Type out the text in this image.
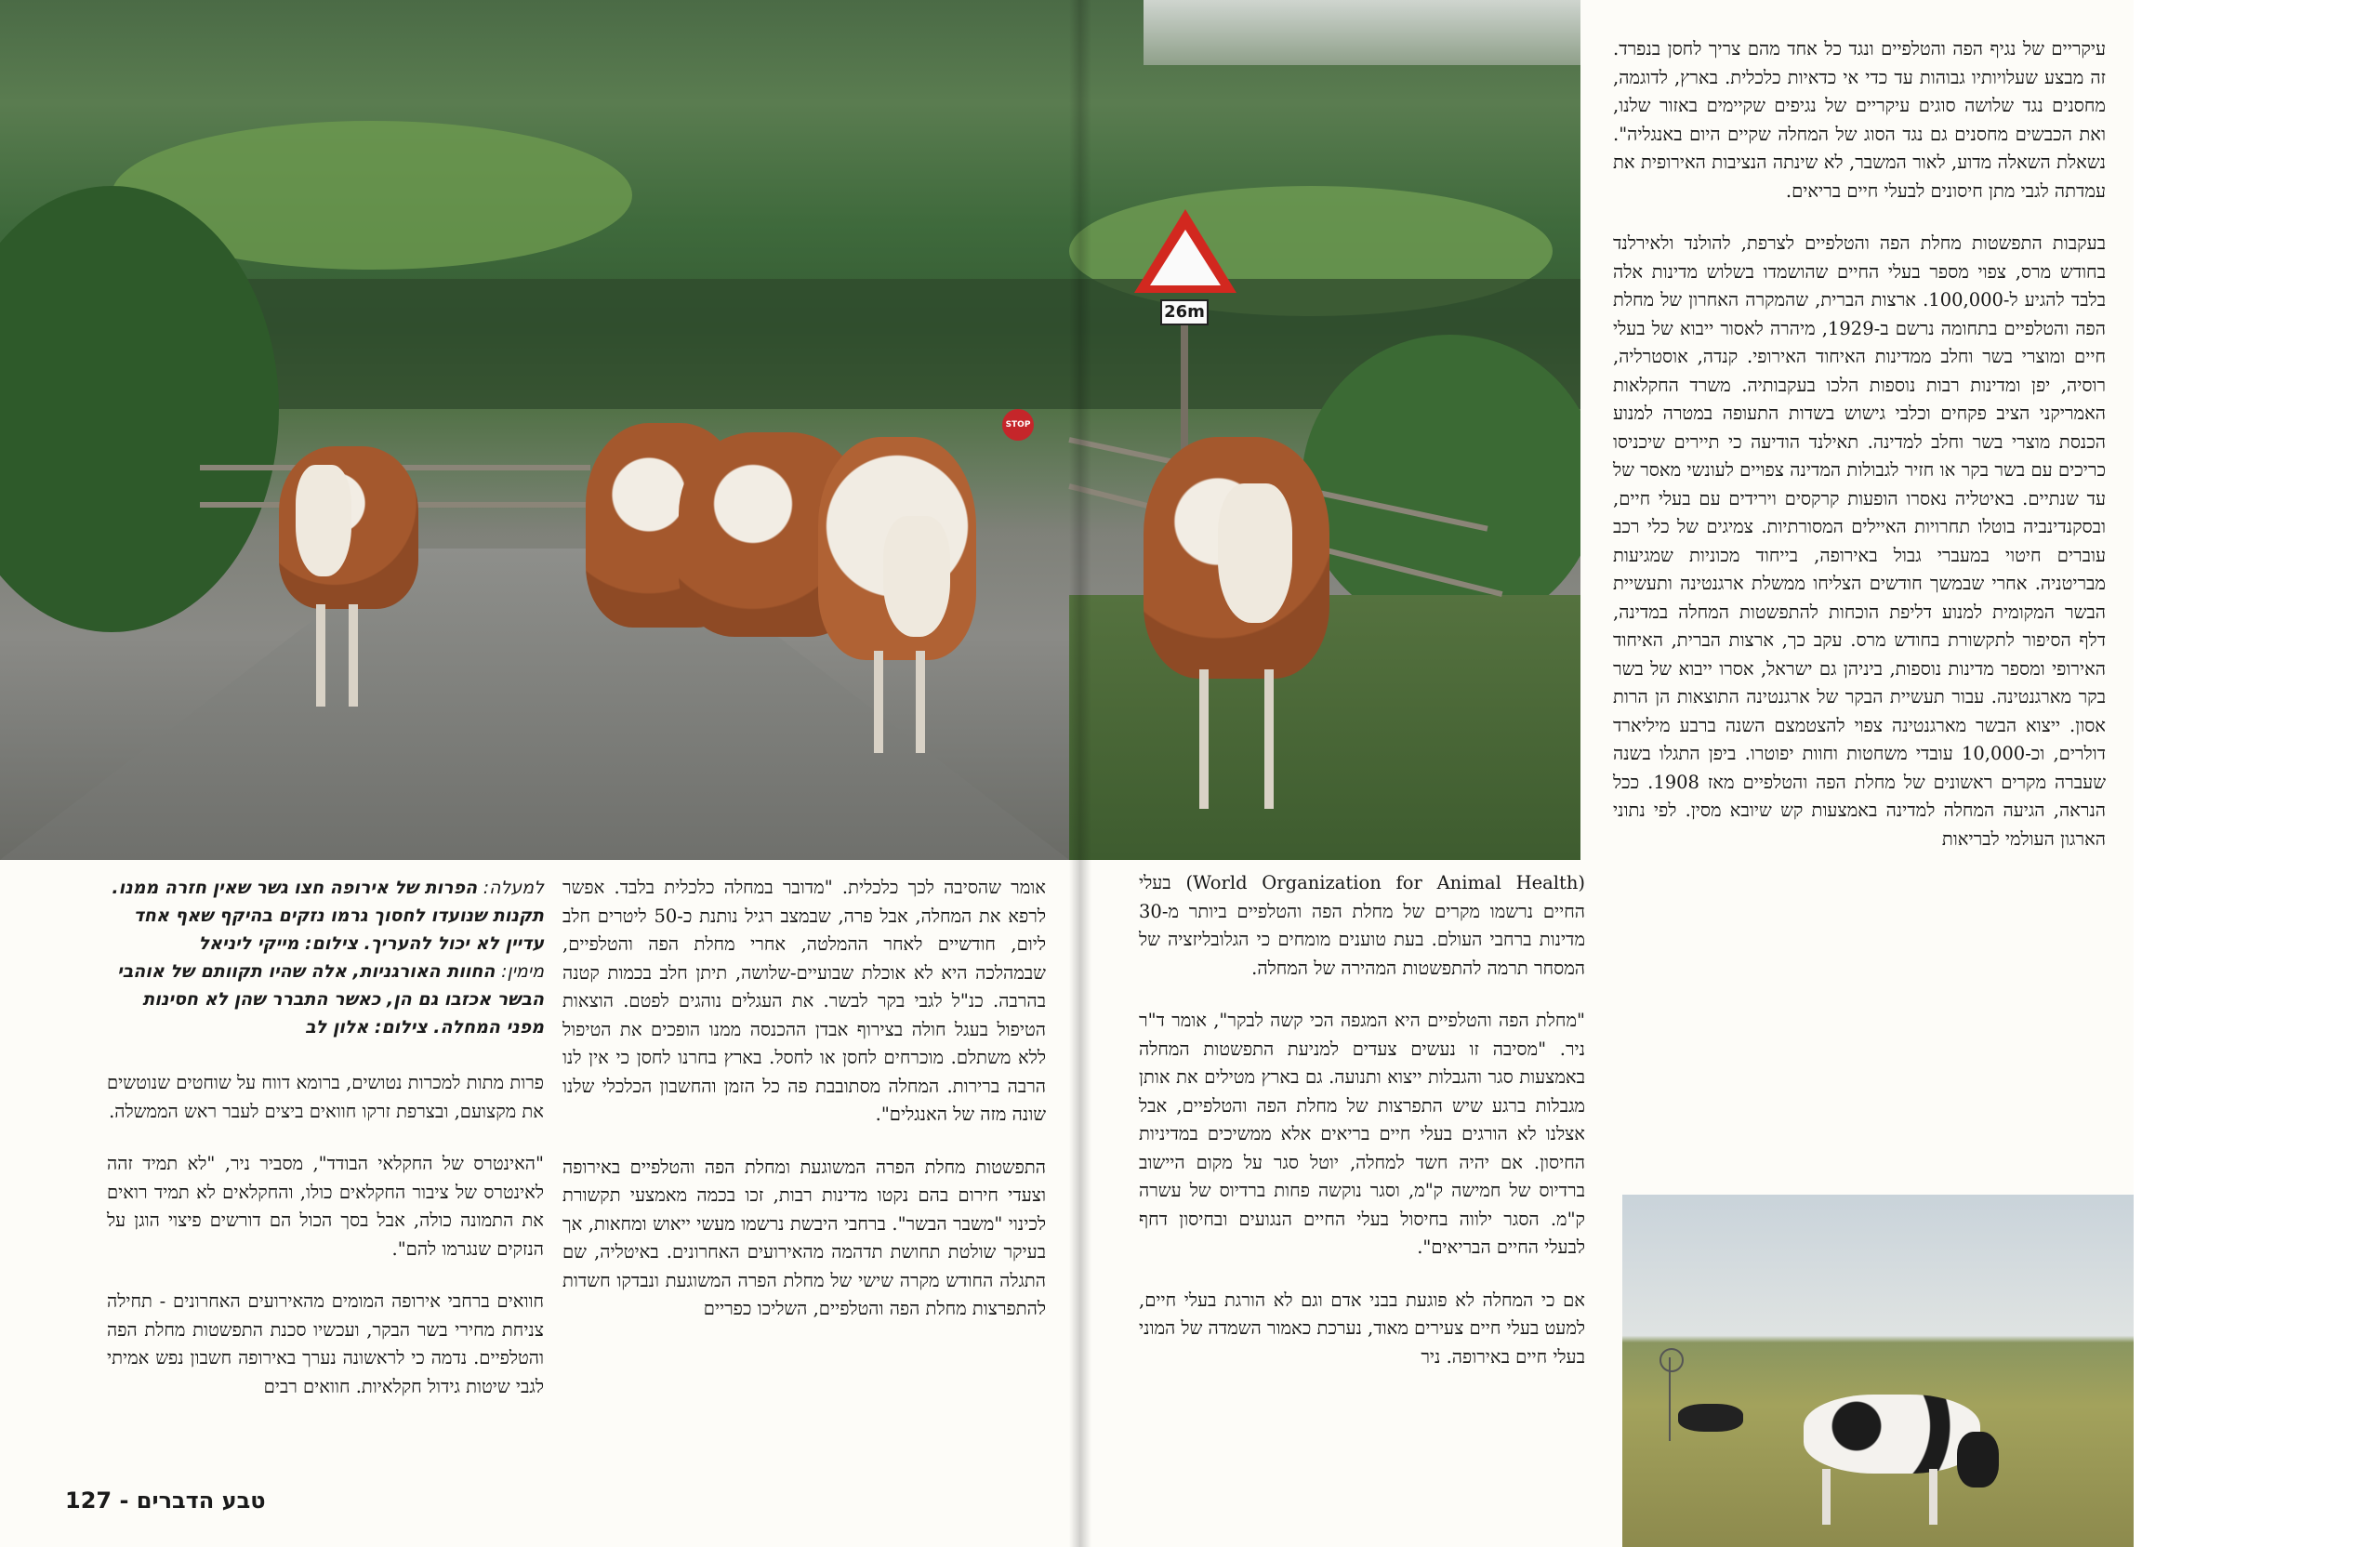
26m
STOP

למעלה: הפרות של אירופה חצו גשר שאין חזרה ממנו. תקנות שנועדו לחסוך גרמו נזקים בהיקף שאף אחד עדיין לא יכול להעריך. צילום: מייקי ליניאל

מימין: החוות האורגניות, אלה שהיו תקוותם של אוהבי הבשר אכזבו גם הן, כאשר התברר שהן לא חסינות מפני המחלה. צילום: אלון לב

פרות מתות למכרות נטושים, ברומא דווח על שוחטים שנוטשים את מקצועם, ובצרפת זרקו חוואים ביצים לעבר ראש הממשלה.

"האינטרס של החקלאי הבודד", מסביר ניר, "לא תמיד זהה לאינטרס של ציבור החקלאים כולו, והחקלאים לא תמיד רואים את התמונה כולה, אבל בסך הכול הם דורשים פיצוי הוגן על הנזקים שנגרמו להם".

חוואים ברחבי אירופה המומים מהאירועים האחרונים - תחילה צניחת מחירי בשר הבקר, ועכשיו סכנת התפשטות מחלת הפה והטלפיים. נדמה כי לראשונה נערך באירופה חשבון נפש אמיתי לגבי שיטות גידול חקלאיות. חוואים רבים

אומר שהסיבה לכך כלכלית. "מדובר במחלה כלכלית בלבד. אפשר לרפא את המחלה, אבל פרה, שבמצב רגיל נותנת כ-50 ליטרים חלב ליום, חודשיים לאחר ההמלטה, אחרי מחלת הפה והטלפיים, שבמהלכה היא לא אוכלת שבועיים-שלושה, תיתן חלב בכמות קטנה בהרבה. כנ"ל לגבי בקר לבשר. את העגלים נוהגים לפטם. הוצאות הטיפול בעגל חולה בצירוף אבדן ההכנסה ממנו הופכים את הטיפול ללא משתלם. מוכרחים לחסן או לחסל. בארץ בחרנו לחסן כי אין לנו הרבה ברירות. המחלה מסתובבת פה כל הזמן והחשבון הכלכלי שלנו שונה מזה של האנגלים".

התפשטות מחלת הפרה המשוגעת ומחלת הפה והטלפיים באירופה וצעדי חירום בהם נקטו מדינות רבות, זכו בכמה מאמצעי תקשורת לכינוי "משבר הבשר". ברחבי היבשת נרשמו מעשי ייאוש ומחאות, אך בעיקר שולטת תחושת תדהמה מהאירועים האחרונים. באיטליה, שם התגלה החודש מקרה שישי של מחלת הפרה המשוגעת ונבדקו חשדות להתפרצות מחלת הפה והטלפיים, השליכו כפריים

(World Organization for Animal Health) בעלי החיים נרשמו מקרים של מחלת הפה והטלפיים ביותר מ-30 מדינות ברחבי העולם. בעת טוענים מומחים כי הגלובליזציה של המסחר תרמה להתפשטות המהירה של המחלה.

"מחלת הפה והטלפיים היא המגפה הכי קשה לבקר", אומר ד"ר ניר. "מסיבה זו נעשים צעדים למניעת התפשטות המחלה באמצעות סגר והגבלות ייצוא ותנועה. גם בארץ מטילים את אותן מגבלות ברגע שיש התפרצות של מחלת הפה והטלפיים, אבל אצלנו לא הורגים בעלי חיים בריאים אלא ממשיכים במדיניות החיסון. אם יהיה חשד למחלה, יוטל סגר על מקום היישוב ברדיוס של חמישה ק"מ, וסגר נוקשה פחות ברדיוס של עשרה ק"מ. הסגר ילווה בחיסול בעלי החיים הנגועים ובחיסון דחף לבעלי החיים הבריאים".

אם כי המחלה לא פוגעת בבני אדם וגם לא הורגת בעלי חיים, למעט בעלי חיים צעירים מאוד, נערכת כאמור השמדה של המוני בעלי חיים באירופה. ניר

עיקריים של נגיף הפה והטלפיים ונגד כל אחד מהם צריך לחסן בנפרד. זה מבצע שעלויותיו גבוהות עד כדי אי כדאיות כלכלית. בארץ, לדוגמה, מחסנים נגד שלושה סוגים עיקריים של נגיפים שקיימים באזור שלנו, ואת הכבשים מחסנים גם נגד הסוג של המחלה שקיים היום באנגליה". נשאלת השאלה מדוע, לאור המשבר, לא שינתה הנציבות האירופית את עמדתה לגבי מתן חיסונים לבעלי חיים בריאים.

בעקבות התפשטות מחלת הפה והטלפיים לצרפת, להולנד ולאירלנד בחודש מרס, צפוי מספר בעלי החיים שהושמדו בשלוש מדינות אלה בלבד להגיע ל-100,000. ארצות הברית, שהמקרה האחרון של מחלת הפה והטלפיים בתחומה נרשם ב-1929, מיהרה לאסור ייבוא של בעלי חיים ומוצרי בשר וחלב ממדינות האיחוד האירופי. קנדה, אוסטרליה, רוסיה, יפן ומדינות רבות נוספות הלכו בעקבותיה. משרד החקלאות האמריקני הציב פקחים וכלבי גישוש בשדות התעופה במטרה למנוע הכנסת מוצרי בשר וחלב למדינה. תאילנד הודיעה כי תיירים שיכניסו כריכים עם בשר בקר או חזיר לגבולות המדינה צפויים לעונשי מאסר של עד שנתיים. באיטליה נאסרו הופעות קרקסים וירידים עם בעלי חיים, ובסקנדינביה בוטלו תחרויות האיילים המסורתיות. צמיגים של כלי רכב עוברים חיטוי במעברי גבול באירופה, בייחוד מכוניות שמגיעות מבריטניה. אחרי שבמשך חודשים הצליחו ממשלת ארגנטינה ותעשיית הבשר המקומית למנוע דליפת הוכחות להתפשטות המחלה במדינה, דלף הסיפור לתקשורת בחודש מרס. עקב כך, ארצות הברית, האיחוד האירופי ומספר מדינות נוספות, ביניהן גם ישראל, אסרו ייבוא של בשר בקר מארגנטינה. עבור תעשיית הבקר של ארגנטינה התוצאות הן הרות אסון. ייצוא הבשר מארגנטינה צפוי להצטמצם השנה ברבע מיליארד דולרים, וכ-10,000 עובדי משחטות וחוות יפוטרו. ביפן התגלו בשנה שעברה מקרים ראשונים של מחלת הפה והטלפיים מאז 1908. ככל הנראה, הגיעה המחלה למדינה באמצעות קש שיובא מסין. לפי נתוני הארגון העולמי לבריאות

טבע הדברים - 127
